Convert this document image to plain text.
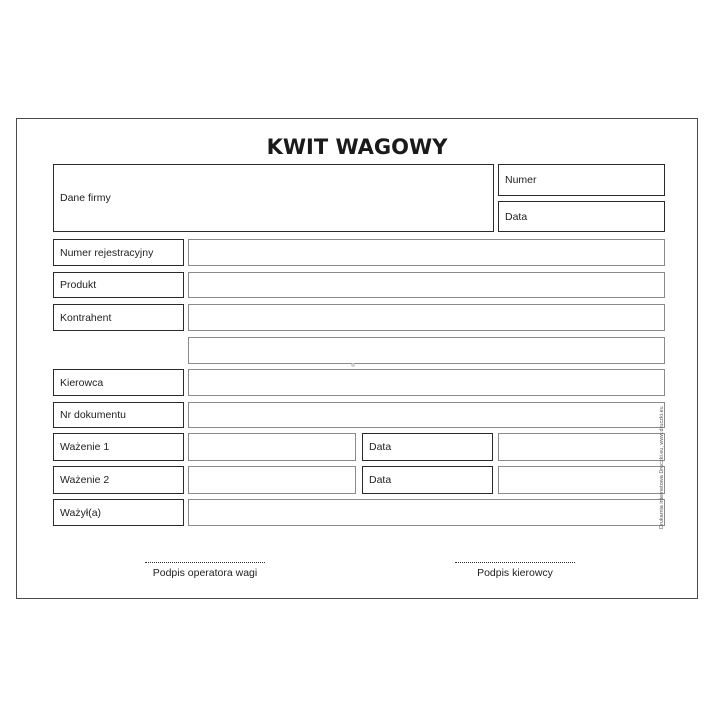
KWIT WAGOWY
Dane firmy
Numer
Data
Numer rejestracyjny
Produkt
Kontrahent
Kierowca
Nr dokumentu
Ważenie 1	Data
Ważenie 2	Data
Ważył(a)
Podpis operatora wagi	Podpis kierowcy
Drukarnia internetowa Druczki.eu, www.druczki.eu
